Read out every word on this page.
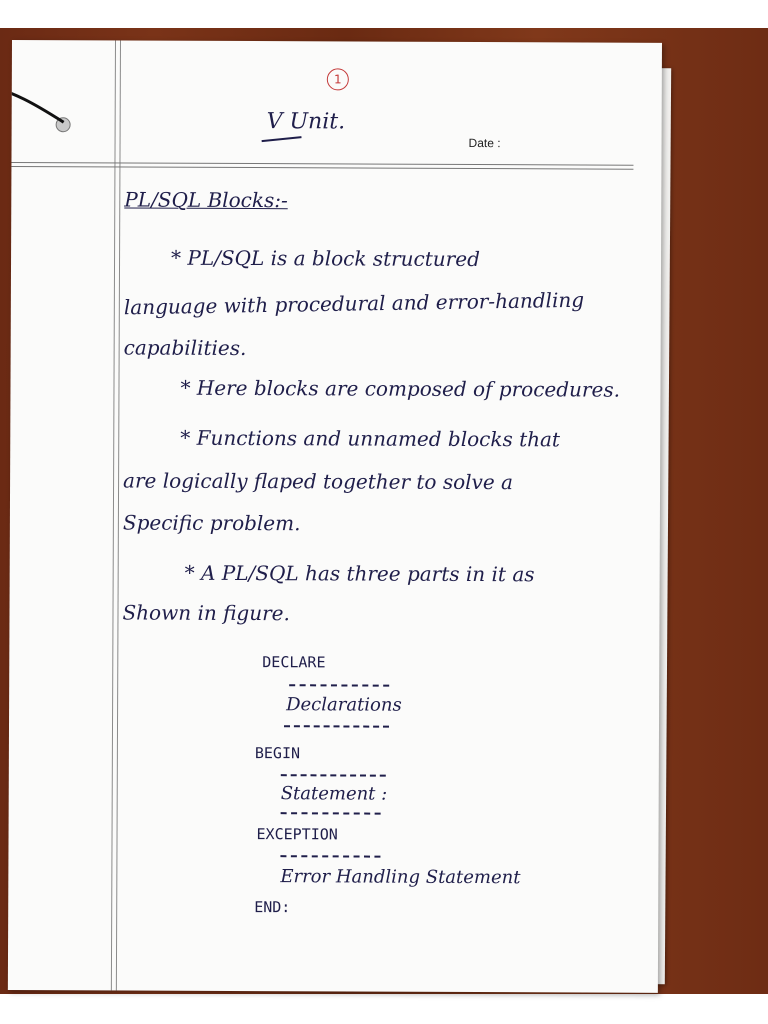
1
V Unit.
Date :
PL/SQL Blocks:-
* PL/SQL is a block structured
language with procedural and error-handling
capabilities.
* Here blocks are composed of procedures.
* Functions and unnamed blocks that
are logically flaped together to solve a
Specific problem.
* A PL/SQL has three parts in it as
Shown in figure.
DECLARE
Declarations
BEGIN
Statement :
EXCEPTION
Error Handling Statement
END:
